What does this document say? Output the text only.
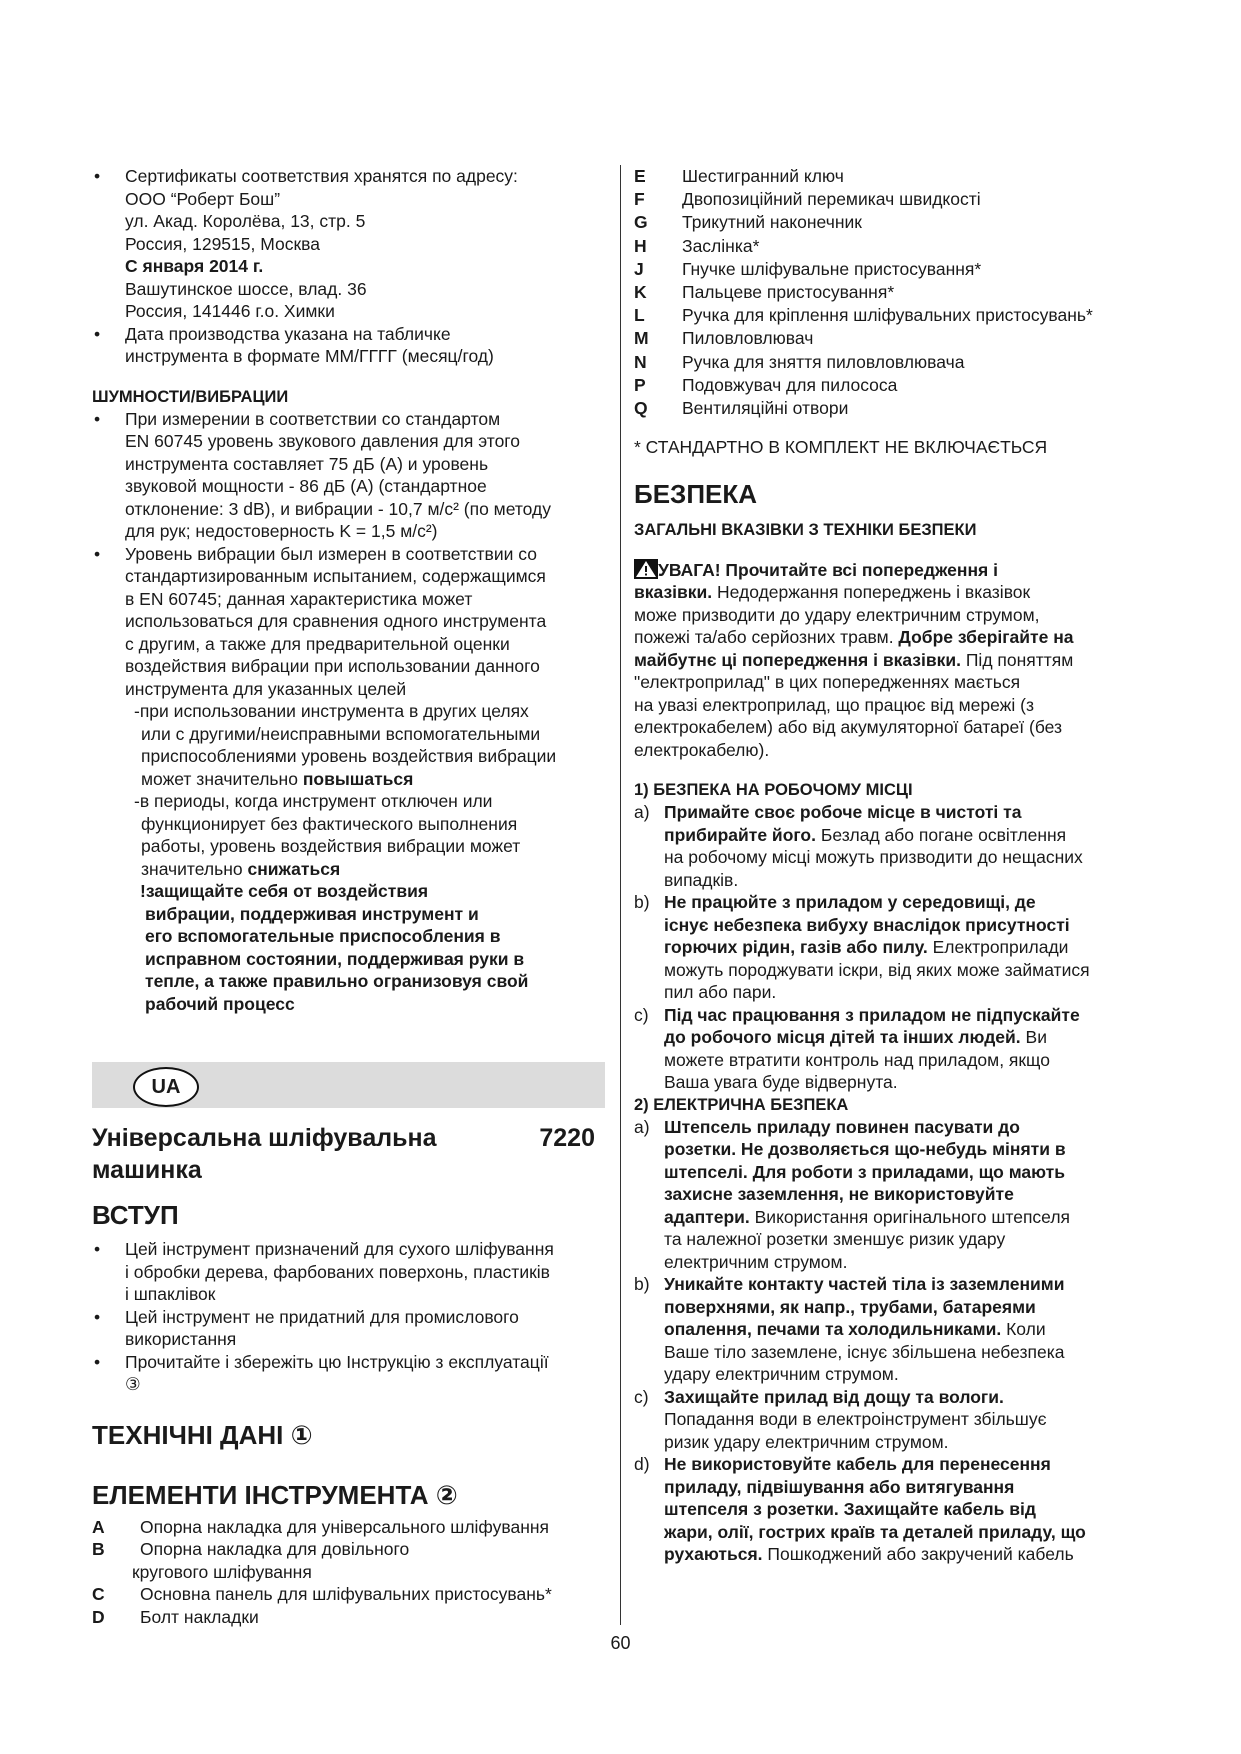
• Сертификаты соответствия хранятся по адресу:
ООО “Роберт Бош”
ул. Акад. Королёва, 13, стр. 5
Россия, 129515, Москва
С января 2014 г.
Вашутинское шоссе, влад. 36
Россия, 141446 г.о. Химки
• Дата производства указана на табличке
инструмента в формате ММ/ГГГГ (месяц/год)
ШУМНОСТИ/ВИБРАЦИИ
• При измерении в соответствии со стандартом
EN 60745 уровень звукового давления для этого
инструмента составляет 75 дБ (A) и уровень
звуковой мощности - 86 дБ (A) (стандартное
отклонение: 3 dB), и вибрации - 10,7 м/с² (по методу
для рук; недостоверность K = 1,5 м/с²)
• Уровень вибрации был измерен в соответствии со
стандартизированным испытанием, содержащимся
в EN 60745; данная характеристика может
использоваться для сравнения одного инструмента
с другим, а также для предварительной оценки
воздействия вибрации при использовании данного
инструмента для указанных целей
-при использовании инструмента в других целях
или с другими/неисправными вспомогательными
приспособлениями уровень воздействия вибрации
может значительно повышаться
-в периоды, когда инструмент отключен или
функционирует без фактического выполнения
работы, уровень воздействия вибрации может
значительно снижаться
!защищайте себя от воздействия
вибрации, поддерживая инструмент и
его вспомогательные приспособления в
исправном состоянии, поддерживая руки в
тепле, а также правильно огранизовуя свой
рабочий процесс
UA
Універсальна шліфувальна	7220
машинка
ВСТУП
• Цей інструмент призначений для сухого шліфування
і обробки дерева, фарбованих поверхонь, пластиків
і шпаклівок
• Цей інструмент не придатний для промислового
використання
• Прочитайте і збережіть цю Інструкцію з експлуатації
③
ТЕХНІЧНІ ДАНІ ①
ЕЛЕМЕНТИ ІНСТРУМЕНТА ②
A	Опорна накладка для універсального шліфування
B	Опорна накладка для довільного
кругового шліфування
C	Основна панель для шліфувальних пристосувань*
D	Болт накладки
E	Шестигранний ключ
F	Двопозиційний перемикач швидкості
G	Трикутний наконечник
H	Заслінка*
J	Гнучке шліфувальне пристосування*
K	Пальцеве пристосування*
L	Ручка для кріплення шліфувальних пристосувань*
M	Пиловловлювач
N	Ручка для зняття пиловловлювача
P	Подовжувач для пилососа
Q	Вентиляційні отвори
* СТАНДАРТНО В КОМПЛЕКТ НЕ ВКЛЮЧАЄТЬСЯ
БЕЗПЕКА
ЗАГАЛЬНІ ВКАЗІВКИ З ТЕХНІКИ БЕЗПЕКИ
УВАГА! Прочитайте всі попередження і
вказівки. Недодержання попереджень і вказівок
може призводити до удару електричним струмом,
пожежі та/або серйозних травм. Добре зберігайте на
майбутнє ці попередження і вказівки. Під поняттям
"електроприлад" в цих попередженнях мається
на увазі електроприлад, що працює від мережі (з
електрокабелем) або від акумуляторної батареї (без
електрокабелю).
1) БЕЗПЕКА НА РОБОЧОМУ МІСЦІ
a) Примайте своє робоче місце в чистоті та
прибирайте його. Безлад або погане освітлення
на робочому місці можуть призводити до нещасних
випадків.
b) Не працюйте з приладом у середовищі, де
існує небезпека вибуху внаслідок присутності
горючих рідин, газів або пилу. Електроприлади
можуть породжувати іскри, від яких може займатися
пил або пари.
c) Під час працювання з приладом не підпускайте
до робочого місця дітей та інших людей. Ви
можете втратити контроль над приладом, якщо
Ваша увага буде відвернута.
2) ЕЛЕКТРИЧНА БЕЗПЕКА
a) Штепсель приладу повинен пасувати до
розетки. Не дозволяється що-небудь міняти в
штепселі. Для роботи з приладами, що мають
захисне заземлення, не використовуйте
адаптери. Використання оригінального штепселя
та належної розетки зменшує ризик удару
електричним струмом.
b) Уникайте контакту частей тіла із заземленими
поверхнями, як напр., трубами, батареями
опалення, печами та холодильниками. Коли
Ваше тіло заземлене, існує збільшена небезпека
удару електричним струмом.
c) Захищайте прилад від дощу та вологи.
Попадання води в електроінструмент збільшує
ризик удару електричним струмом.
d) Не використовуйте кабель для перенесення
приладу, підвішування або витягування
штепселя з розетки. Захищайте кабель від
жари, олії, гострих країв та деталей приладу, що
рухаються. Пошкоджений або закручений кабель
60
